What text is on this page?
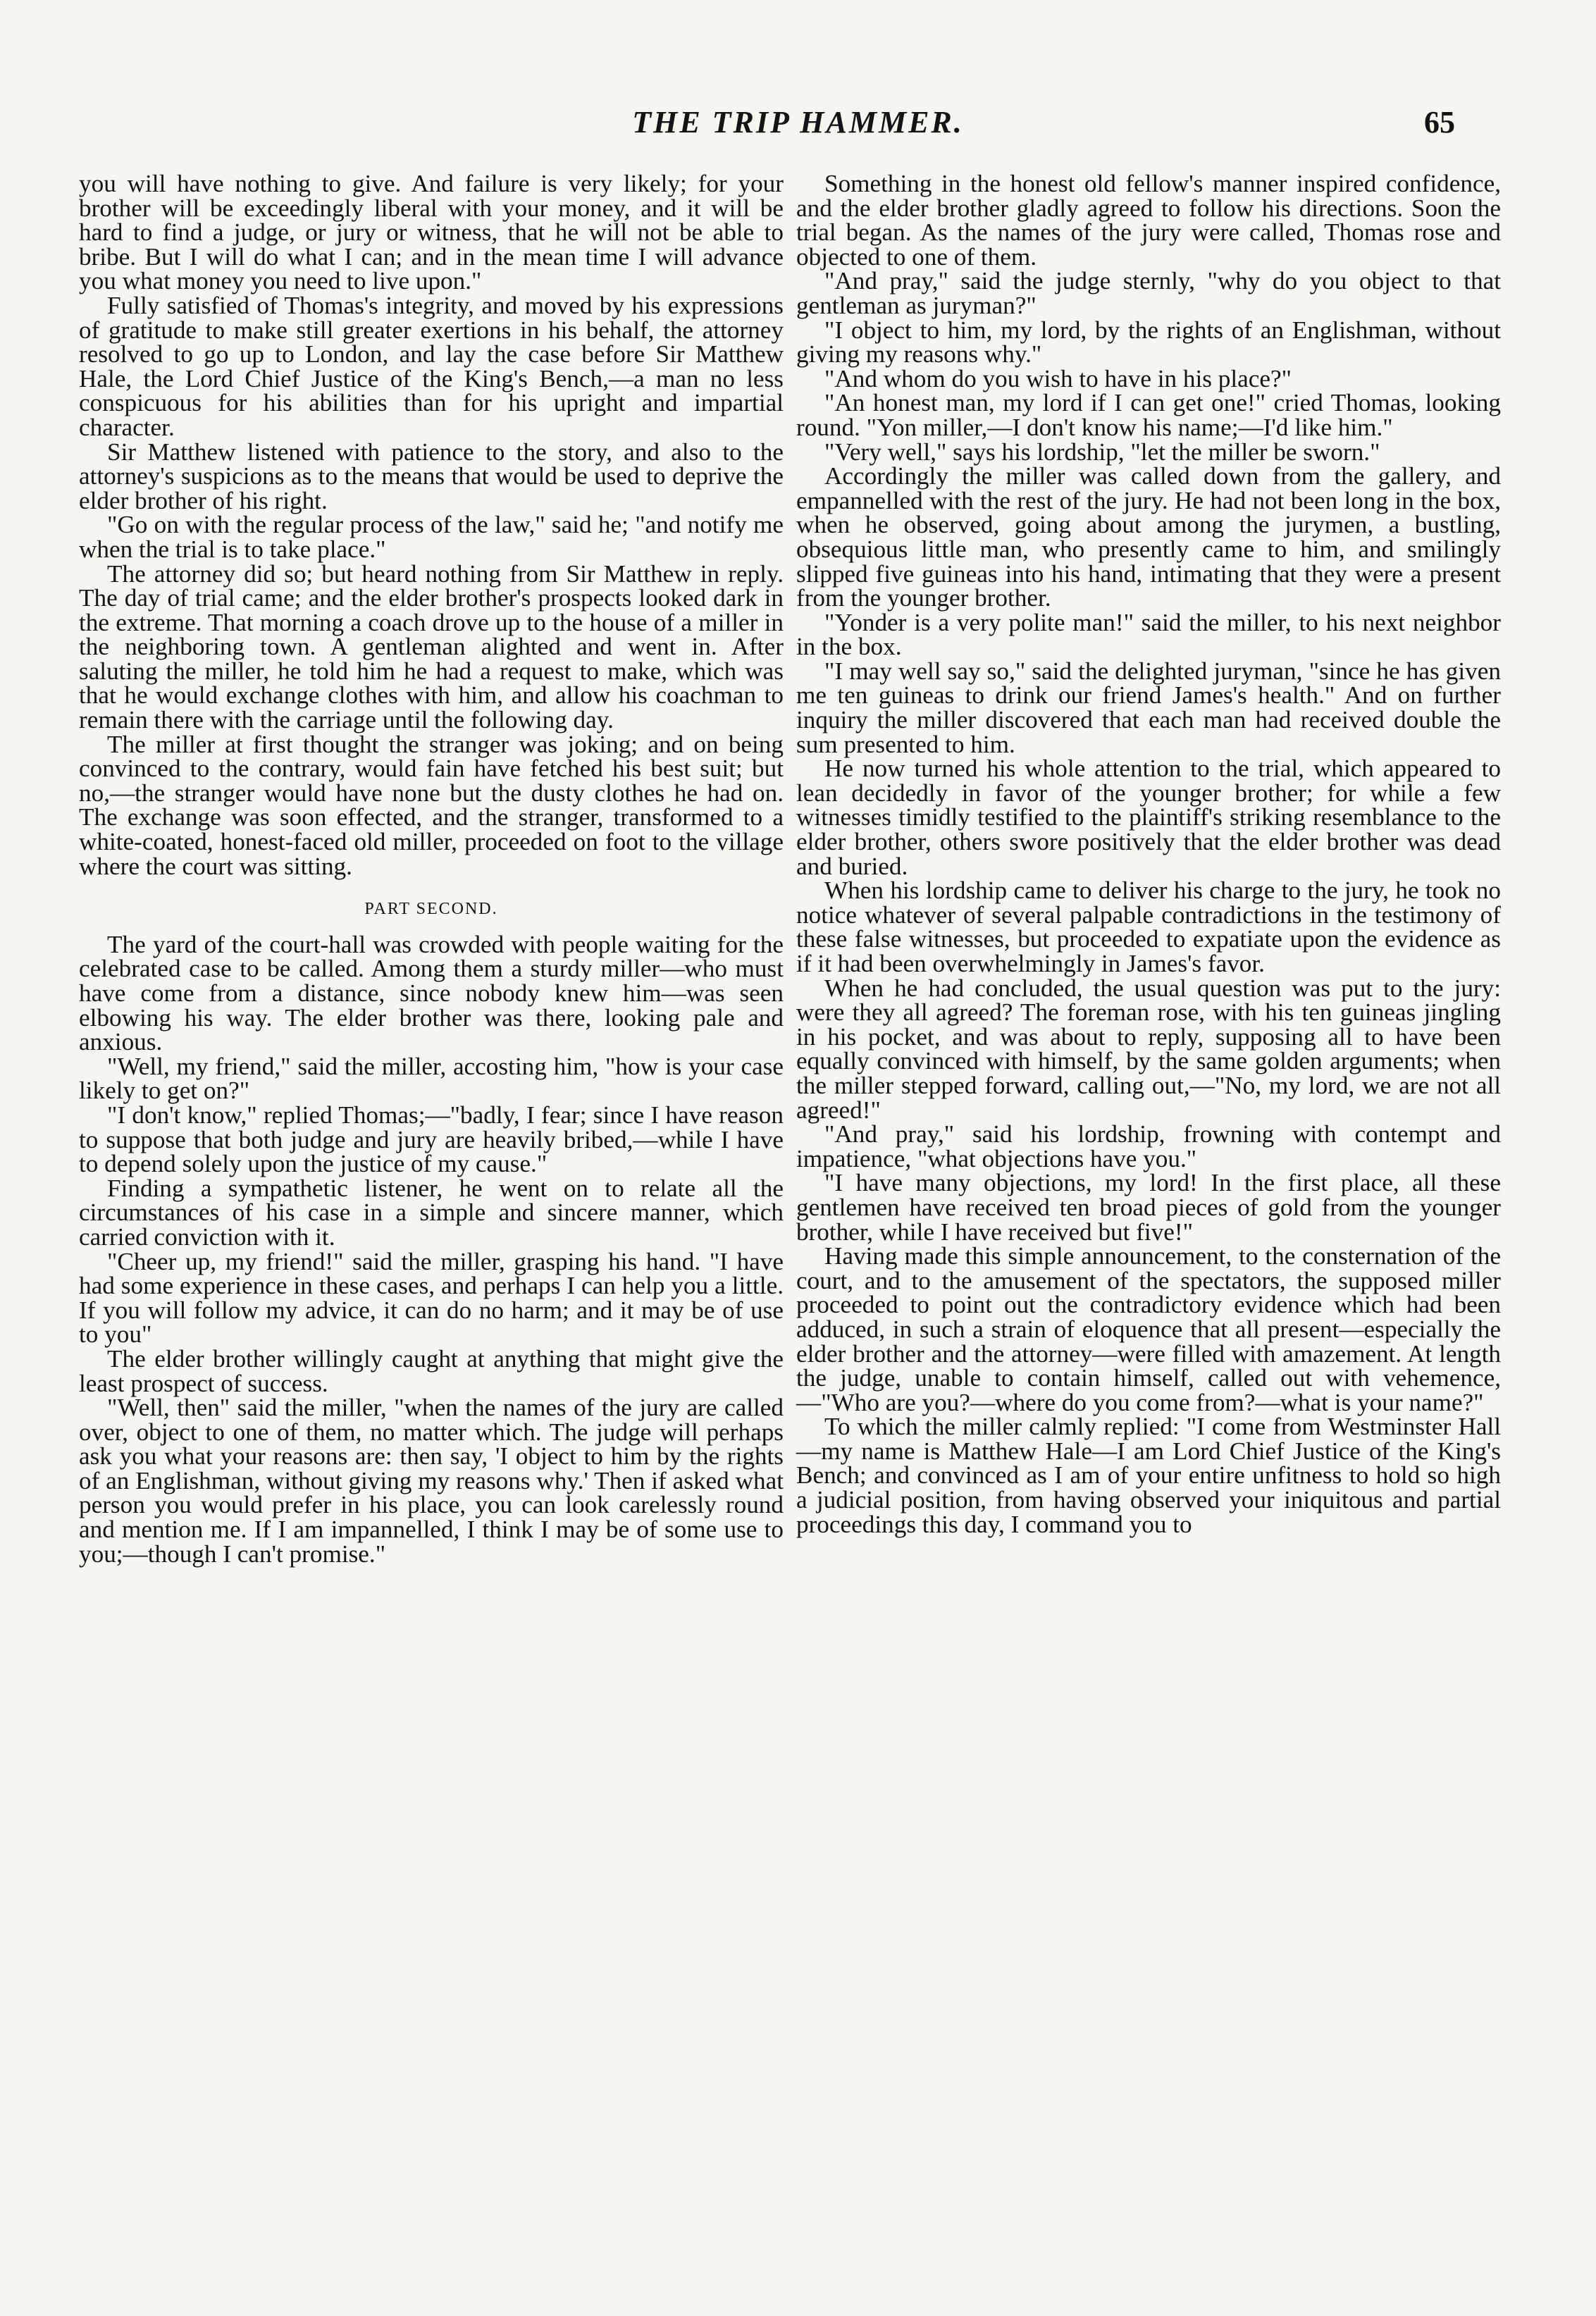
THE TRIP HAMMER.	65

you will have nothing to give. And failure is very likely; for your brother will be exceedingly liberal with your money, and it will be hard to find a judge, or jury or witness, that he will not be able to bribe. But I will do what I can; and in the mean time I will advance you what money you need to live upon."

Fully satisfied of Thomas's integrity, and moved by his expressions of gratitude to make still greater exertions in his behalf, the attorney resolved to go up to London, and lay the case before Sir Matthew Hale, the Lord Chief Justice of the King's Bench,—a man no less conspicuous for his abilities than for his upright and impartial character.

Sir Matthew listened with patience to the story, and also to the attorney's suspicions as to the means that would be used to deprive the elder brother of his right.

"Go on with the regular process of the law," said he; "and notify me when the trial is to take place."

The attorney did so; but heard nothing from Sir Matthew in reply. The day of trial came; and the elder brother's prospects looked dark in the extreme. That morning a coach drove up to the house of a miller in the neighboring town. A gentleman alighted and went in. After saluting the miller, he told him he had a request to make, which was that he would exchange clothes with him, and allow his coachman to remain there with the carriage until the following day.

The miller at first thought the stranger was joking; and on being convinced to the contrary, would fain have fetched his best suit; but no,—the stranger would have none but the dusty clothes he had on. The exchange was soon effected, and the stranger, transformed to a white-coated, honest-faced old miller, proceeded on foot to the village where the court was sitting.

PART SECOND.

The yard of the court-hall was crowded with people waiting for the celebrated case to be called. Among them a sturdy miller—who must have come from a distance, since nobody knew him—was seen elbowing his way. The elder brother was there, looking pale and anxious.

"Well, my friend," said the miller, accosting him, "how is your case likely to get on?"

"I don't know," replied Thomas;—"badly, I fear; since I have reason to suppose that both judge and jury are heavily bribed,—while I have to depend solely upon the justice of my cause."

Finding a sympathetic listener, he went on to relate all the circumstances of his case in a simple and sincere manner, which carried conviction with it.

"Cheer up, my friend!" said the miller, grasping his hand. "I have had some experience in these cases, and perhaps I can help you a little. If you will follow my advice, it can do no harm; and it may be of use to you"

The elder brother willingly caught at anything that might give the least prospect of success.

"Well, then" said the miller, "when the names of the jury are called over, object to one of them, no matter which. The judge will perhaps ask you what your reasons are: then say, 'I object to him by the rights of an Englishman, without giving my reasons why.' Then if asked what person you would prefer in his place, you can look carelessly round and mention me. If I am impannelled, I think I may be of some use to you;—though I can't promise."

Something in the honest old fellow's manner inspired confidence, and the elder brother gladly agreed to follow his directions. Soon the trial began. As the names of the jury were called, Thomas rose and objected to one of them.

"And pray," said the judge sternly, "why do you object to that gentleman as juryman?"

"I object to him, my lord, by the rights of an Englishman, without giving my reasons why."

"And whom do you wish to have in his place?"

"An honest man, my lord if I can get one!" cried Thomas, looking round. "Yon miller,—I don't know his name;—I'd like him."

"Very well," says his lordship, "let the miller be sworn."

Accordingly the miller was called down from the gallery, and empannelled with the rest of the jury. He had not been long in the box, when he observed, going about among the jurymen, a bustling, obsequious little man, who presently came to him, and smilingly slipped five guineas into his hand, intimating that they were a present from the younger brother.

"Yonder is a very polite man!" said the miller, to his next neighbor in the box.

"I may well say so," said the delighted juryman, "since he has given me ten guineas to drink our friend James's health." And on further inquiry the miller discovered that each man had received double the sum presented to him.

He now turned his whole attention to the trial, which appeared to lean decidedly in favor of the younger brother; for while a few witnesses timidly testified to the plaintiff's striking resemblance to the elder brother, others swore positively that the elder brother was dead and buried.

When his lordship came to deliver his charge to the jury, he took no notice whatever of several palpable contradictions in the testimony of these false witnesses, but proceeded to expatiate upon the evidence as if it had been overwhelmingly in James's favor.

When he had concluded, the usual question was put to the jury: were they all agreed? The foreman rose, with his ten guineas jingling in his pocket, and was about to reply, supposing all to have been equally convinced with himself, by the same golden arguments; when the miller stepped forward, calling out,—"No, my lord, we are not all agreed!"

"And pray," said his lordship, frowning with contempt and impatience, "what objections have you."

"I have many objections, my lord! In the first place, all these gentlemen have received ten broad pieces of gold from the younger brother, while I have received but five!"

Having made this simple announcement, to the consternation of the court, and to the amusement of the spectators, the supposed miller proceeded to point out the contradictory evidence which had been adduced, in such a strain of eloquence that all present—especially the elder brother and the attorney—were filled with amazement. At length the judge, unable to contain himself, called out with vehemence,—"Who are you?—where do you come from?—what is your name?"

To which the miller calmly replied: "I come from Westminster Hall—my name is Matthew Hale—I am Lord Chief Justice of the King's Bench; and convinced as I am of your entire unfitness to hold so high a judicial position, from having observed your iniquitous and partial proceedings this day, I command you to
